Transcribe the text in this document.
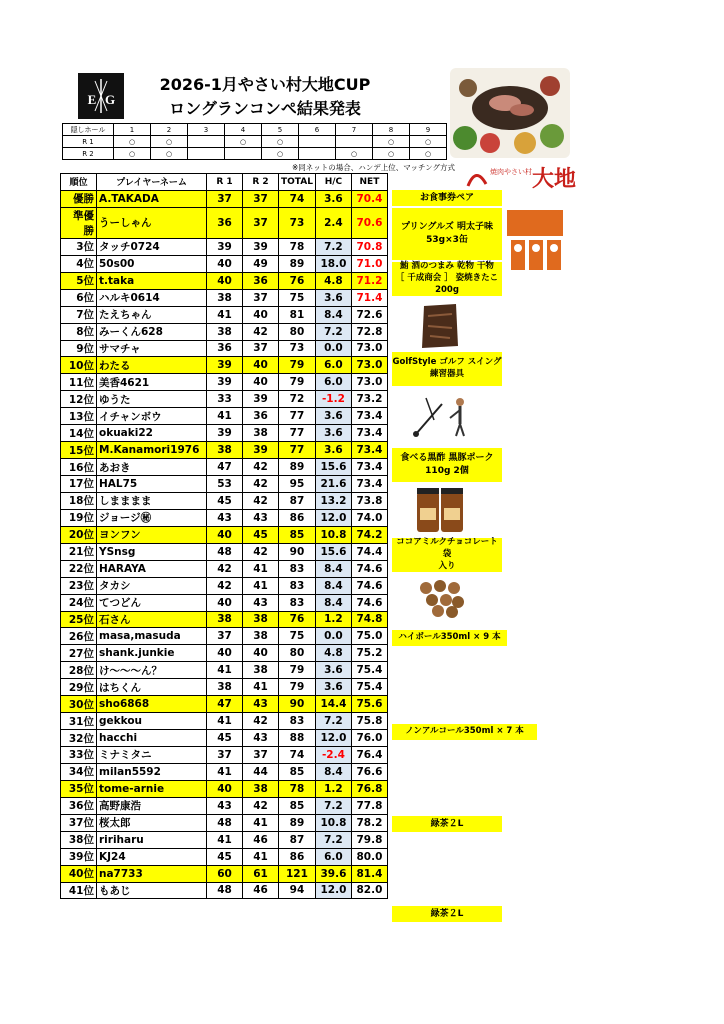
E G
2026-1月やさい村大地CUP
ロングランコンペ結果発表
焼肉やさい村 大地
隠しホール	1	2	3	4	5	6	7	8	9
R 1	○	○		○	○			○	○
R 2	○	○			○		○	○	○
※同ネットの場合、ハンデ上位、マッチング方式
順位	プレイヤーネーム	R 1	R 2	TOTAL	H/C	NET
優勝	A.TAKADA	37	37	74	3.6	70.4
準優勝	うーしゃん	36	37	73	2.4	70.6
3位	タッチ0724	39	39	78	7.2	70.8
4位	50s00	40	49	89	18.0	71.0
5位	t.taka	40	36	76	4.8	71.2
6位	ハルキ0614	38	37	75	3.6	71.4
7位	たえちゃん	41	40	81	8.4	72.6
8位	みーくん628	38	42	80	7.2	72.8
9位	サマチャ	36	37	73	0.0	73.0
10位	わたる	39	40	79	6.0	73.0
11位	美香4621	39	40	79	6.0	73.0
12位	ゆうた	33	39	72	-1.2	73.2
13位	イチャンボウ	41	36	77	3.6	73.4
14位	okuaki22	39	38	77	3.6	73.4
15位	M.Kanamori1976	38	39	77	3.6	73.4
16位	あおき	47	42	89	15.6	73.4
17位	HAL75	53	42	95	21.6	73.4
18位	しまままま	45	42	87	13.2	73.8
19位	ジョージ㊙	43	43	86	12.0	74.0
20位	ヨンフン	40	45	85	10.8	74.2
21位	YSnsg	48	42	90	15.6	74.4
22位	HARAYA	42	41	83	8.4	74.6
23位	タカシ	42	41	83	8.4	74.6
24位	てつどん	40	43	83	8.4	74.6
25位	石さん	38	38	76	1.2	74.8
26位	masa,masuda	37	38	75	0.0	75.0
27位	shank.junkie	40	40	80	4.8	75.2
28位	け～～～ん？	41	38	79	3.6	75.4
29位	はちくん	38	41	79	3.6	75.4
30位	sho6868	47	43	90	14.4	75.6
31位	gekkou	41	42	83	7.2	75.8
32位	hacchi	45	43	88	12.0	76.0
33位	ミナミタニ	37	37	74	-2.4	76.4
34位	milan5592	41	44	85	8.4	76.6
35位	tome-arnie	40	38	78	1.2	76.8
36位	高野康浩	43	42	85	7.2	77.8
37位	桜太郎	48	41	89	10.8	78.2
38位	ririharu	41	46	87	7.2	79.8
39位	KJ24	45	41	86	6.0	80.0
40位	na7733	60	61	121	39.6	81.4
41位	もあじ	48	46	94	12.0	82.0
お食事券ペア
プリングルズ 明太子味
53g×3缶
鮪 酒のつまみ 乾物 干物
［ 千成商会 ］ 姿焼きたこ
200g
GolfStyle ゴルフ スイング
練習器具
食べる黒酢 黒豚ポーク
110g 2個
ココアミルクチョコレート 袋
入り
ハイボール350ml × 9 本
ノンアルコール350ml × 7 本
緑茶２L
緑茶２L
